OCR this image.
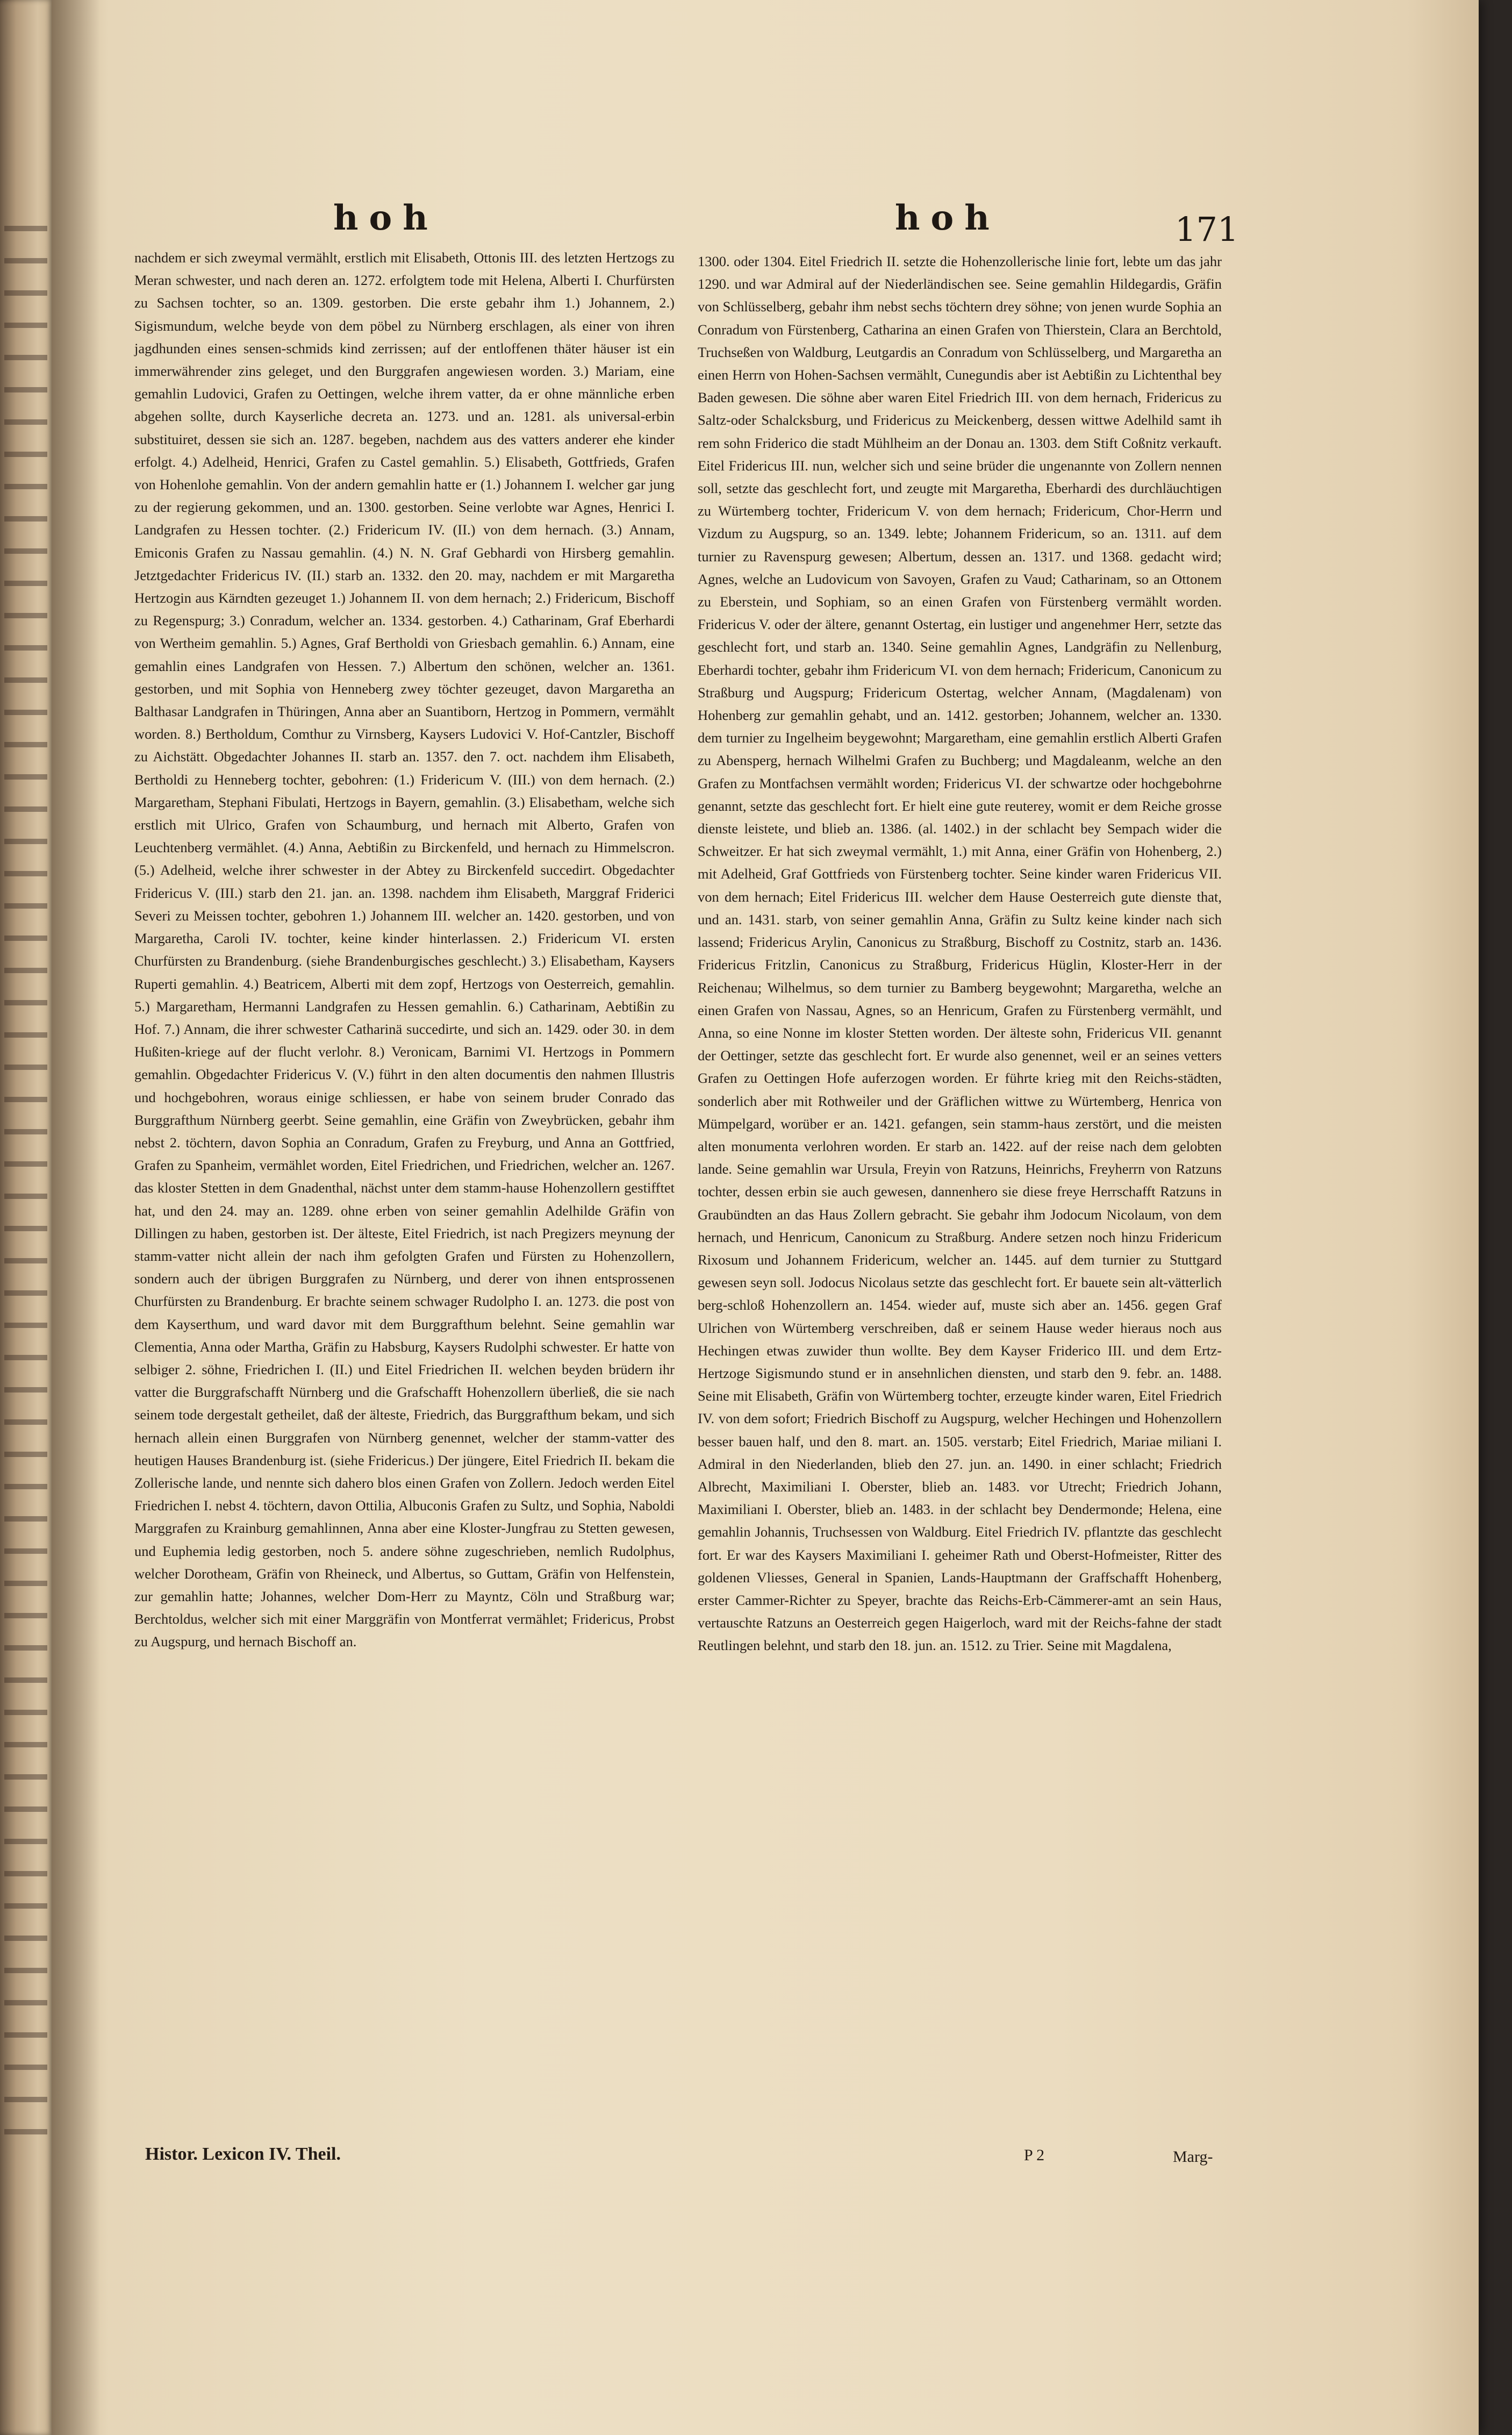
hoh	hoh	171

nachdem er sich zweymal vermählt, erstlich mit Elisabeth, Ottonis III. des letzten Hertzogs zu Meran schwester, und nach deren an. 1272. erfolgtem tode mit Helena, Alberti I. Churfürsten zu Sachsen tochter, so an. 1309. gestorben. Die erste gebahr ihm 1.) Johannem, 2.) Sigismundum, welche beyde von dem pöbel zu Nürnberg erschlagen, als einer von ihren jagdhunden eines sensen-schmids kind zerrissen; auf der entloffenen thäter häuser ist ein immerwährender zins geleget, und den Burggrafen angewiesen worden. 3.) Mariam, eine gemahlin Ludovici, Grafen zu Oettingen, welche ihrem vatter, da er ohne männliche erben abgehen sollte, durch Kayserliche decreta an. 1273. und an. 1281. als universal-erbin substituiret, dessen sie sich an. 1287. begeben, nachdem aus des vatters anderer ehe kinder erfolgt. 4.) Adelheid, Henrici, Grafen zu Castel gemahlin. 5.) Elisabeth, Gottfrieds, Grafen von Hohenlohe gemahlin. Von der andern gemahlin hatte er (1.) Johannem I. welcher gar jung zu der regierung gekommen, und an. 1300. gestorben. Seine verlobte war Agnes, Henrici I. Landgrafen zu Hessen tochter. (2.) Fridericum IV. (II.) von dem hernach. (3.) Annam, Emiconis Grafen zu Nassau gemahlin. (4.) N. N. Graf Gebhardi von Hirsberg gemahlin. Jetztgedachter Fridericus IV. (II.) starb an. 1332. den 20. may, nachdem er mit Margaretha Hertzogin aus Kärndten gezeuget 1.) Johannem II. von dem hernach; 2.) Fridericum, Bischoff zu Regenspurg; 3.) Conradum, welcher an. 1334. gestorben. 4.) Catharinam, Graf Eberhardi von Wertheim gemahlin. 5.) Agnes, Graf Bertholdi von Griesbach gemahlin. 6.) Annam, eine gemahlin eines Landgrafen von Hessen. 7.) Albertum den schönen, welcher an. 1361. gestorben, und mit Sophia von Henneberg zwey töchter gezeuget, davon Margaretha an Balthasar Landgrafen in Thüringen, Anna aber an Suantiborn, Hertzog in Pommern, vermählt worden. 8.) Bertholdum, Comthur zu Virnsberg, Kaysers Ludovici V. Hof-Cantzler, Bischoff zu Aichstätt. Obgedachter Johannes II. starb an. 1357. den 7. oct. nachdem ihm Elisabeth, Bertholdi zu Henneberg tochter, gebohren: (1.) Fridericum V. (III.) von dem hernach. (2.) Margaretham, Stephani Fibulati, Hertzogs in Bayern, gemahlin. (3.) Elisabetham, welche sich erstlich mit Ulrico, Grafen von Schaumburg, und hernach mit Alberto, Grafen von Leuchtenberg vermählet. (4.) Anna, Aebtißin zu Birckenfeld, und hernach zu Himmelscron. (5.) Adelheid, welche ihrer schwester in der Abtey zu Birckenfeld succedirt. Obgedachter Fridericus V. (III.) starb den 21. jan. an. 1398. nachdem ihm Elisabeth, Marggraf Friderici Severi zu Meissen tochter, gebohren 1.) Johannem III. welcher an. 1420. gestorben, und von Margaretha, Caroli IV. tochter, keine kinder hinterlassen. 2.) Fridericum VI. ersten Churfürsten zu Brandenburg. (siehe Brandenburgisches geschlecht.) 3.) Elisabetham, Kaysers Ruperti gemahlin. 4.) Beatricem, Alberti mit dem zopf, Hertzogs von Oesterreich, gemahlin. 5.) Margaretham, Hermanni Landgrafen zu Hessen gemahlin. 6.) Catharinam, Aebtißin zu Hof. 7.) Annam, die ihrer schwester Catharinä succedirte, und sich an. 1429. oder 30. in dem Hußiten-kriege auf der flucht verlohr. 8.) Veronicam, Barnimi VI. Hertzogs in Pommern gemahlin. Obgedachter Fridericus V. (V.) führt in den alten documentis den nahmen Illustris und hochgebohren, woraus einige schliessen, er habe von seinem bruder Conrado das Burggrafthum Nürnberg geerbt. Seine gemahlin, eine Gräfin von Zweybrücken, gebahr ihm nebst 2. töchtern, davon Sophia an Conradum, Grafen zu Freyburg, und Anna an Gottfried, Grafen zu Spanheim, vermählet worden, Eitel Friedrichen, und Friedrichen, welcher an. 1267. das kloster Stetten in dem Gnadenthal, nächst unter dem stamm-hause Hohenzollern gestifftet hat, und den 24. may an. 1289. ohne erben von seiner gemahlin Adelhilde Gräfin von Dillingen zu haben, gestorben ist. Der älteste, Eitel Friedrich, ist nach Pregizers meynung der stamm-vatter nicht allein der nach ihm gefolgten Grafen und Fürsten zu Hohenzollern, sondern auch der übrigen Burggrafen zu Nürnberg, und derer von ihnen entsprossenen Churfürsten zu Brandenburg. Er brachte seinem schwager Rudolpho I. an. 1273. die post von dem Kayserthum, und ward davor mit dem Burggrafthum belehnt. Seine gemahlin war Clementia, Anna oder Martha, Gräfin zu Habsburg, Kaysers Rudolphi schwester. Er hatte von selbiger 2. söhne, Friedrichen I. (II.) und Eitel Friedrichen II. welchen beyden brüdern ihr vatter die Burggrafschafft Nürnberg und die Grafschafft Hohenzollern überließ, die sie nach seinem tode dergestalt getheilet, daß der älteste, Friedrich, das Burggrafthum bekam, und sich hernach allein einen Burggrafen von Nürnberg genennet, welcher der stamm-vatter des heutigen Hauses Brandenburg ist. (siehe Fridericus.) Der jüngere, Eitel Friedrich II. bekam die Zollerische lande, und nennte sich dahero blos einen Grafen von Zollern. Jedoch werden Eitel Friedrichen I. nebst 4. töchtern, davon Ottilia, Albuconis Grafen zu Sultz, und Sophia, Naboldi Marggrafen zu Krainburg gemahlinnen, Anna aber eine Kloster-Jungfrau zu Stetten gewesen, und Euphemia ledig gestorben, noch 5. andere söhne zugeschrieben, nemlich Rudolphus, welcher Dorotheam, Gräfin von Rheineck, und Albertus, so Guttam, Gräfin von Helfenstein, zur gemahlin hatte; Johannes, welcher Dom-Herr zu Mayntz, Cöln und Straßburg war; Berchtoldus, welcher sich mit einer Marggräfin von Montferrat vermählet; Fridericus, Probst zu Augspurg, und hernach Bischoff an.

1300. oder 1304. Eitel Friedrich II. setzte die Hohenzollerische linie fort, lebte um das jahr 1290. und war Admiral auf der Niederländischen see. Seine gemahlin Hildegardis, Gräfin von Schlüsselberg, gebahr ihm nebst sechs töchtern drey söhne; von jenen wurde Sophia an Conradum von Fürstenberg, Catharina an einen Grafen von Thierstein, Clara an Berchtold, Truchseßen von Waldburg, Leutgardis an Conradum von Schlüsselberg, und Margaretha an einen Herrn von Hohen-Sachsen vermählt, Cunegundis aber ist Aebtißin zu Lichtenthal bey Baden gewesen. Die söhne aber waren Eitel Friedrich III. von dem hernach, Fridericus zu Saltz-oder Schalcksburg, und Fridericus zu Meickenberg, dessen wittwe Adelhild samt ih rem sohn Friderico die stadt Mühlheim an der Donau an. 1303. dem Stift Coßnitz verkauft. Eitel Fridericus III. nun, welcher sich und seine brüder die ungenannte von Zollern nennen soll, setzte das geschlecht fort, und zeugte mit Margaretha, Eberhardi des durchläuchtigen zu Würtemberg tochter, Fridericum V. von dem hernach; Fridericum, Chor-Herrn und Vizdum zu Augspurg, so an. 1349. lebte; Johannem Fridericum, so an. 1311. auf dem turnier zu Ravenspurg gewesen; Albertum, dessen an. 1317. und 1368. gedacht wird; Agnes, welche an Ludovicum von Savoyen, Grafen zu Vaud; Catharinam, so an Ottonem zu Eberstein, und Sophiam, so an einen Grafen von Fürstenberg vermählt worden. Fridericus V. oder der ältere, genannt Ostertag, ein lustiger und angenehmer Herr, setzte das geschlecht fort, und starb an. 1340. Seine gemahlin Agnes, Landgräfin zu Nellenburg, Eberhardi tochter, gebahr ihm Fridericum VI. von dem hernach; Fridericum, Canonicum zu Straßburg und Augspurg; Fridericum Ostertag, welcher Annam, (Magdalenam) von Hohenberg zur gemahlin gehabt, und an. 1412. gestorben; Johannem, welcher an. 1330. dem turnier zu Ingelheim beygewohnt; Margaretham, eine gemahlin erstlich Alberti Grafen zu Abensperg, hernach Wilhelmi Grafen zu Buchberg; und Magdaleanm, welche an den Grafen zu Montfachsen vermählt worden; Fridericus VI. der schwartze oder hochgebohrne genannt, setzte das geschlecht fort. Er hielt eine gute reuterey, womit er dem Reiche grosse dienste leistete, und blieb an. 1386. (al. 1402.) in der schlacht bey Sempach wider die Schweitzer. Er hat sich zweymal vermählt, 1.) mit Anna, einer Gräfin von Hohenberg, 2.) mit Adelheid, Graf Gottfrieds von Fürstenberg tochter. Seine kinder waren Fridericus VII. von dem hernach; Eitel Fridericus III. welcher dem Hause Oesterreich gute dienste that, und an. 1431. starb, von seiner gemahlin Anna, Gräfin zu Sultz keine kinder nach sich lassend; Fridericus Arylin, Canonicus zu Straßburg, Bischoff zu Costnitz, starb an. 1436. Fridericus Fritzlin, Canonicus zu Straßburg, Fridericus Hüglin, Kloster-Herr in der Reichenau; Wilhelmus, so dem turnier zu Bamberg beygewohnt; Margaretha, welche an einen Grafen von Nassau, Agnes, so an Henricum, Grafen zu Fürstenberg vermählt, und Anna, so eine Nonne im kloster Stetten worden. Der älteste sohn, Fridericus VII. genannt der Oettinger, setzte das geschlecht fort. Er wurde also genennet, weil er an seines vetters Grafen zu Oettingen Hofe auferzogen worden. Er führte krieg mit den Reichs-städten, sonderlich aber mit Rothweiler und der Gräflichen wittwe zu Würtemberg, Henrica von Mümpelgard, worüber er an. 1421. gefangen, sein stamm-haus zerstört, und die meisten alten monumenta verlohren worden. Er starb an. 1422. auf der reise nach dem gelobten lande. Seine gemahlin war Ursula, Freyin von Ratzuns, Heinrichs, Freyherrn von Ratzuns tochter, dessen erbin sie auch gewesen, dannenhero sie diese freye Herrschafft Ratzuns in Graubündten an das Haus Zollern gebracht. Sie gebahr ihm Jodocum Nicolaum, von dem hernach, und Henricum, Canonicum zu Straßburg. Andere setzen noch hinzu Fridericum Rixosum und Johannem Fridericum, welcher an. 1445. auf dem turnier zu Stuttgard gewesen seyn soll. Jodocus Nicolaus setzte das geschlecht fort. Er bauete sein alt-vätterlich berg-schloß Hohenzollern an. 1454. wieder auf, muste sich aber an. 1456. gegen Graf Ulrichen von Würtemberg verschreiben, daß er seinem Hause weder hieraus noch aus Hechingen etwas zuwider thun wollte. Bey dem Kayser Friderico III. und dem Ertz-Hertzoge Sigismundo stund er in ansehnlichen diensten, und starb den 9. febr. an. 1488. Seine mit Elisabeth, Gräfin von Würtemberg tochter, erzeugte kinder waren, Eitel Friedrich IV. von dem sofort; Friedrich Bischoff zu Augspurg, welcher Hechingen und Hohenzollern besser bauen half, und den 8. mart. an. 1505. verstarb; Eitel Friedrich, Mariae miliani I. Admiral in den Niederlanden, blieb den 27. jun. an. 1490. in einer schlacht; Friedrich Albrecht, Maximiliani I. Oberster, blieb an. 1483. vor Utrecht; Friedrich Johann, Maximiliani I. Oberster, blieb an. 1483. in der schlacht bey Dendermonde; Helena, eine gemahlin Johannis, Truchsessen von Waldburg. Eitel Friedrich IV. pflantzte das geschlecht fort. Er war des Kaysers Maximiliani I. geheimer Rath und Oberst-Hofmeister, Ritter des goldenen Vliesses, General in Spanien, Lands-Hauptmann der Graffschafft Hohenberg, erster Cammer-Richter zu Speyer, brachte das Reichs-Erb-Cämmerer-amt an sein Haus, vertauschte Ratzuns an Oesterreich gegen Haigerloch, ward mit der Reichs-fahne der stadt Reutlingen belehnt, und starb den 18. jun. an. 1512. zu Trier. Seine mit Magdalena,

Histor. Lexicon IV. Theil.	P 2	Marg-
